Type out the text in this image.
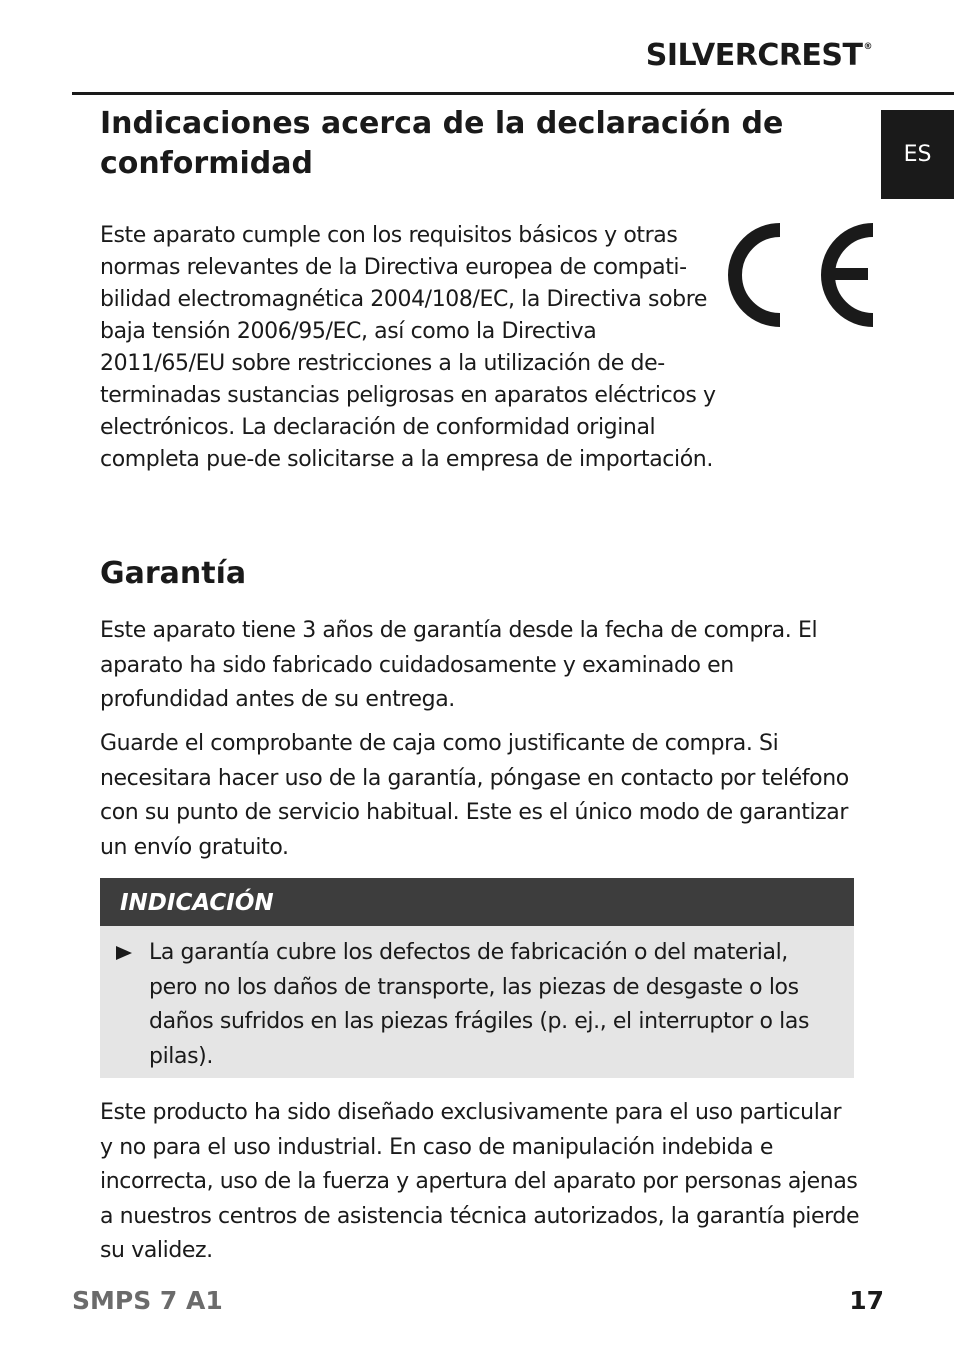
SILVERCREST®
ES
Indicaciones acerca de la declaración de conformidad

Este aparato cumple con los requisitos básicos y otras normas relevantes de la Directiva europea de compati-bilidad electromagnética 2004/108/EC, la Directiva sobre baja tensión 2006/95/EC, así como la Directiva 2011/65/EU sobre restricciones a la utilización de de-terminadas sustancias peligrosas en aparatos eléctricos y electrónicos. La declaración de conformidad original completa pue-de solicitarse a la empresa de importación.

Garantía

Este aparato tiene 3 años de garantía desde la fecha de compra. El aparato ha sido fabricado cuidadosamente y examinado en profundidad antes de su entrega.

Guarde el comprobante de caja como justificante de compra. Si necesitara hacer uso de la garantía, póngase en contacto por teléfono con su punto de servicio habitual. Este es el único modo de garantizar un envío gratuito.

INDICACIÓN

La garantía cubre los defectos de fabricación o del material, pero no los daños de transporte, las piezas de desgaste o los daños sufridos en las piezas frágiles (p. ej., el interruptor o las pilas).

Este producto ha sido diseñado exclusivamente para el uso particular y no para el uso industrial. En caso de manipulación indebida e incorrecta, uso de la fuerza y apertura del aparato por personas ajenas a nuestros centros de asistencia técnica autorizados, la garantía pierde su validez.

SMPS 7 A1	17
